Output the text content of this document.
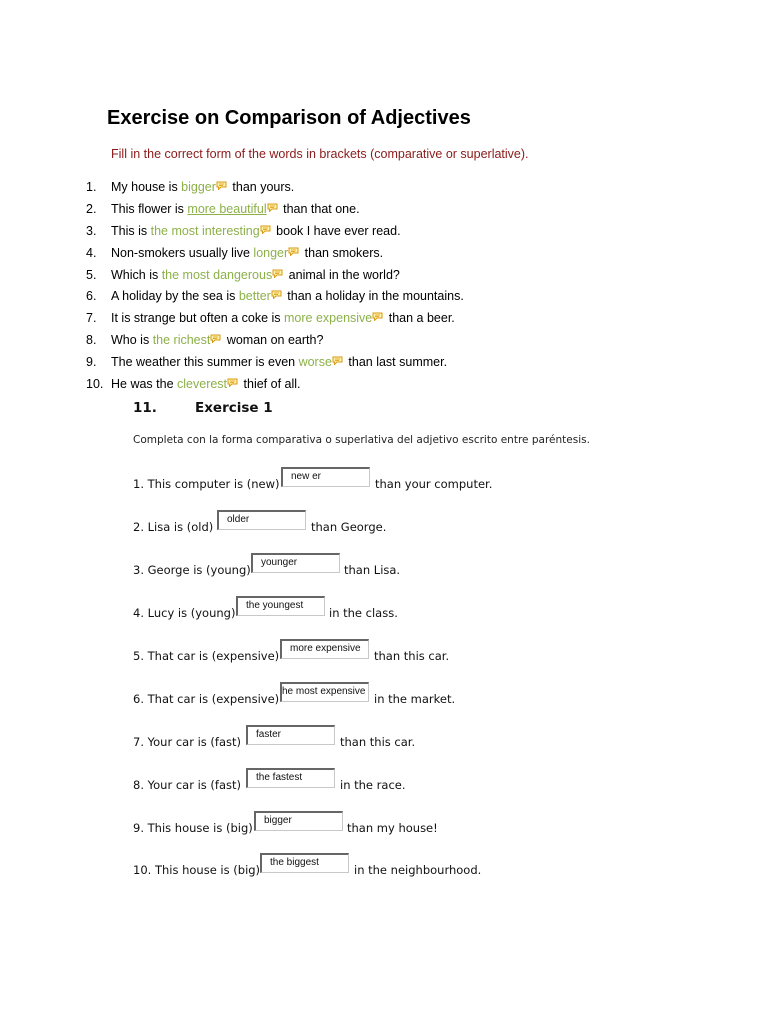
Exercise on Comparison of Adjectives
Fill in the correct form of the words in brackets (comparative or superlative).
1.	My house is bigger
than yours.
2.	This flower is more beautiful
than that one.
3.	This is the most interesting
book I have ever read.
4.	Non-smokers usually live longer
than smokers.
5.	Which is the most dangerous
animal in the world?
6.	A holiday by the sea is better
than a holiday in the mountains.
7.	It is strange but often a coke is more expensive
than a beer.
8.	Who is the richest
woman on earth?
9.	The weather this summer is even worse
than last summer.
10. He was the cleverest
thief of all.
11.	Exercise 1
Completa con la forma comparativa o superlativa del adjetivo escrito entre paréntesis.
1. This computer is (new)
new er
than your computer.
2. Lisa is (old)
older
than George.
3. George is (young)
younger
than Lisa.
4. Lucy is (young)
the youngest
in the class.
5. That car is (expensive)
more expensive
than this car.
6. That car is (expensive)
he most expensive
in the market.
7. Your car is (fast)
faster
than this car.
8. Your car is (fast)
the fastest
in the race.
9. This house is (big)
bigger
than my house!
10. This house is (big)
the biggest
in the neighbourhood.
